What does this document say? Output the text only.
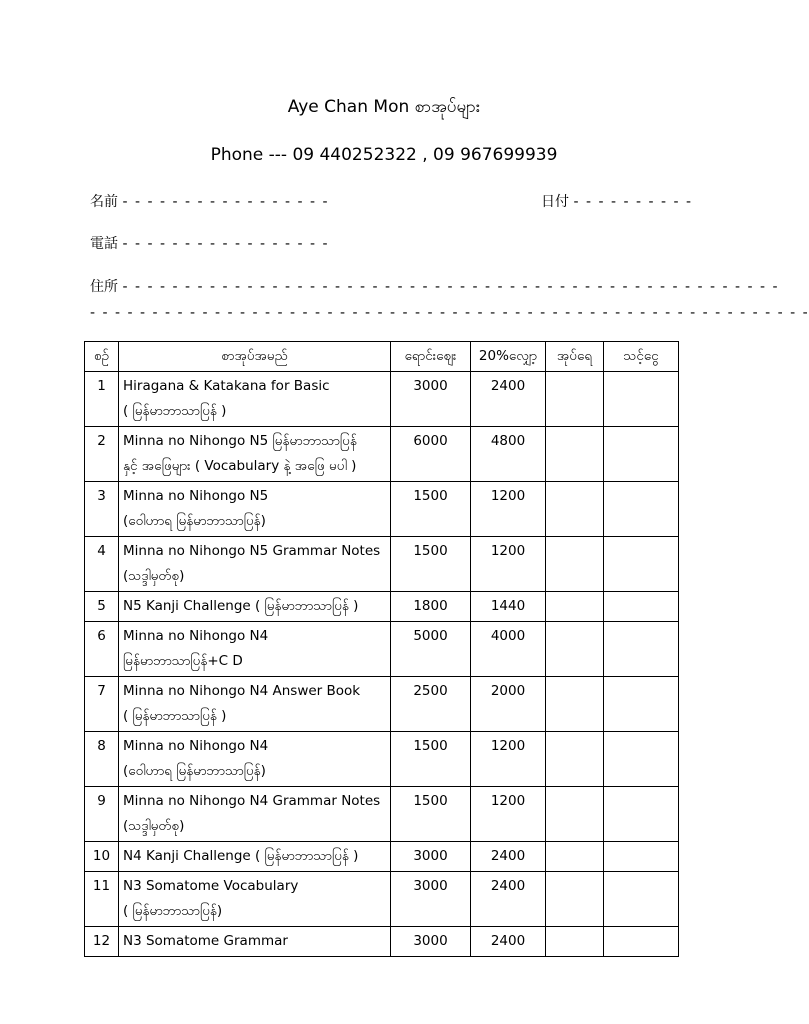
Aye Chan Mon စာအုပ်များ
Phone --- 09 440252322 , 09 967699939
名前 - - - - - - - - - - - - - - - - -	日付 - - - - - - - - - -
電話 - - - - - - - - - - - - - - - - -
住所 - - - - - - - - - - - - - - - - - - - - - - - - - - - - - - - - - - - - - - - - - - - - - - - - - - - - -
- - - - - - - - - - - - - - - - - - - - - - - - - - - - - - - - - - - - - - - - - - - - - - - - - - - - - - - - - -
စဉ်	စာအုပ်အမည်	ရောင်းဈေး	20%လျှော့	အုပ်ရေ	သင့်ငွေ
1	Hiragana & Katakana for Basic
( မြန်မာဘာသာပြန် )	3000	2400		
2	Minna no Nihongo N5 မြန်မာဘာသာပြန်
နှင့် အဖြေများ ( Vocabulary နဲ့ အဖြေ မပါ )	6000	4800		
3	Minna no Nihongo N5
(ဝေါဟာရ မြန်မာဘာသာပြန်)	1500	1200		
4	Minna no Nihongo N5 Grammar Notes
(သဒ္ဒါမှတ်စု)	1500	1200		
5	N5 Kanji Challenge ( မြန်မာဘာသာပြန် )	1800	1440		
6	Minna no Nihongo N4
မြန်မာဘာသာပြန်+C D	5000	4000		
7	Minna no Nihongo N4 Answer Book
( မြန်မာဘာသာပြန် )	2500	2000		
8	Minna no Nihongo N4
(ဝေါဟာရ မြန်မာဘာသာပြန်)	1500	1200		
9	Minna no Nihongo N4 Grammar Notes
(သဒ္ဒါမှတ်စု)	1500	1200		
10	N4 Kanji Challenge ( မြန်မာဘာသာပြန် )	3000	2400		
11	N3 Somatome Vocabulary
( မြန်မာဘာသာပြန်)	3000	2400		
12	N3 Somatome Grammar	3000	2400		
